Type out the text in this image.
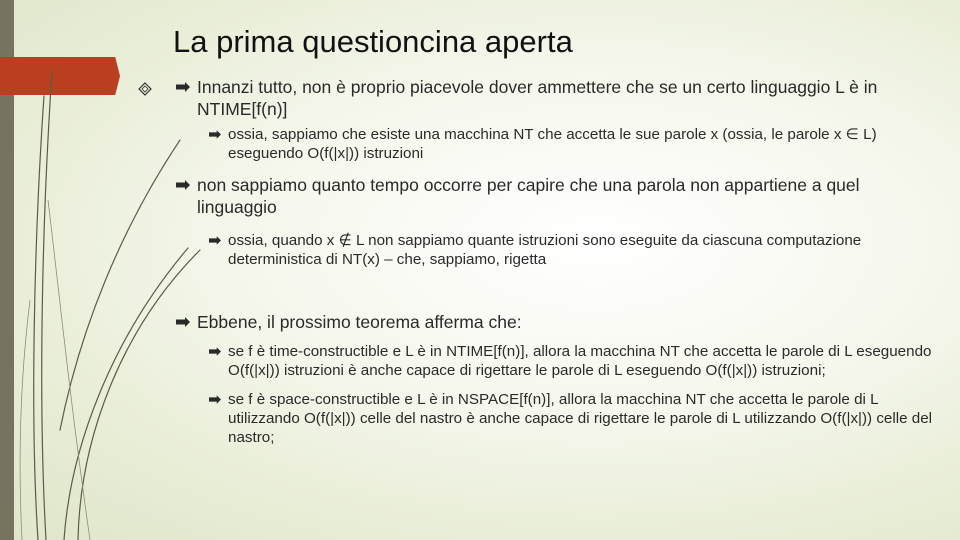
La prima questioncina aperta
Innanzi tutto, non è proprio piacevole dover ammettere che se un certo linguaggio L è in NTIME[f(n)]
ossia, sappiamo che esiste una macchina NT che accetta le sue parole x (ossia, le parole x ∈ L) eseguendo O(f(|x|)) istruzioni
non sappiamo quanto tempo occorre per capire che una parola non appartiene a quel linguaggio
ossia, quando x ∉ L non sappiamo quante istruzioni sono eseguite da ciascuna computazione deterministica di NT(x) – che, sappiamo, rigetta
Ebbene, il prossimo teorema afferma che:
se f è time-constructible e L è in NTIME[f(n)], allora la macchina NT che accetta le parole di L eseguendo O(f(|x|)) istruzioni è anche capace di rigettare le parole di L eseguendo O(f(|x|)) istruzioni;
se f è space-constructible e L è in NSPACE[f(n)], allora la macchina NT che accetta le parole di L utilizzando O(f(|x|)) celle del nastro è anche capace di rigettare le parole di L utilizzando O(f(|x|)) celle del nastro;
